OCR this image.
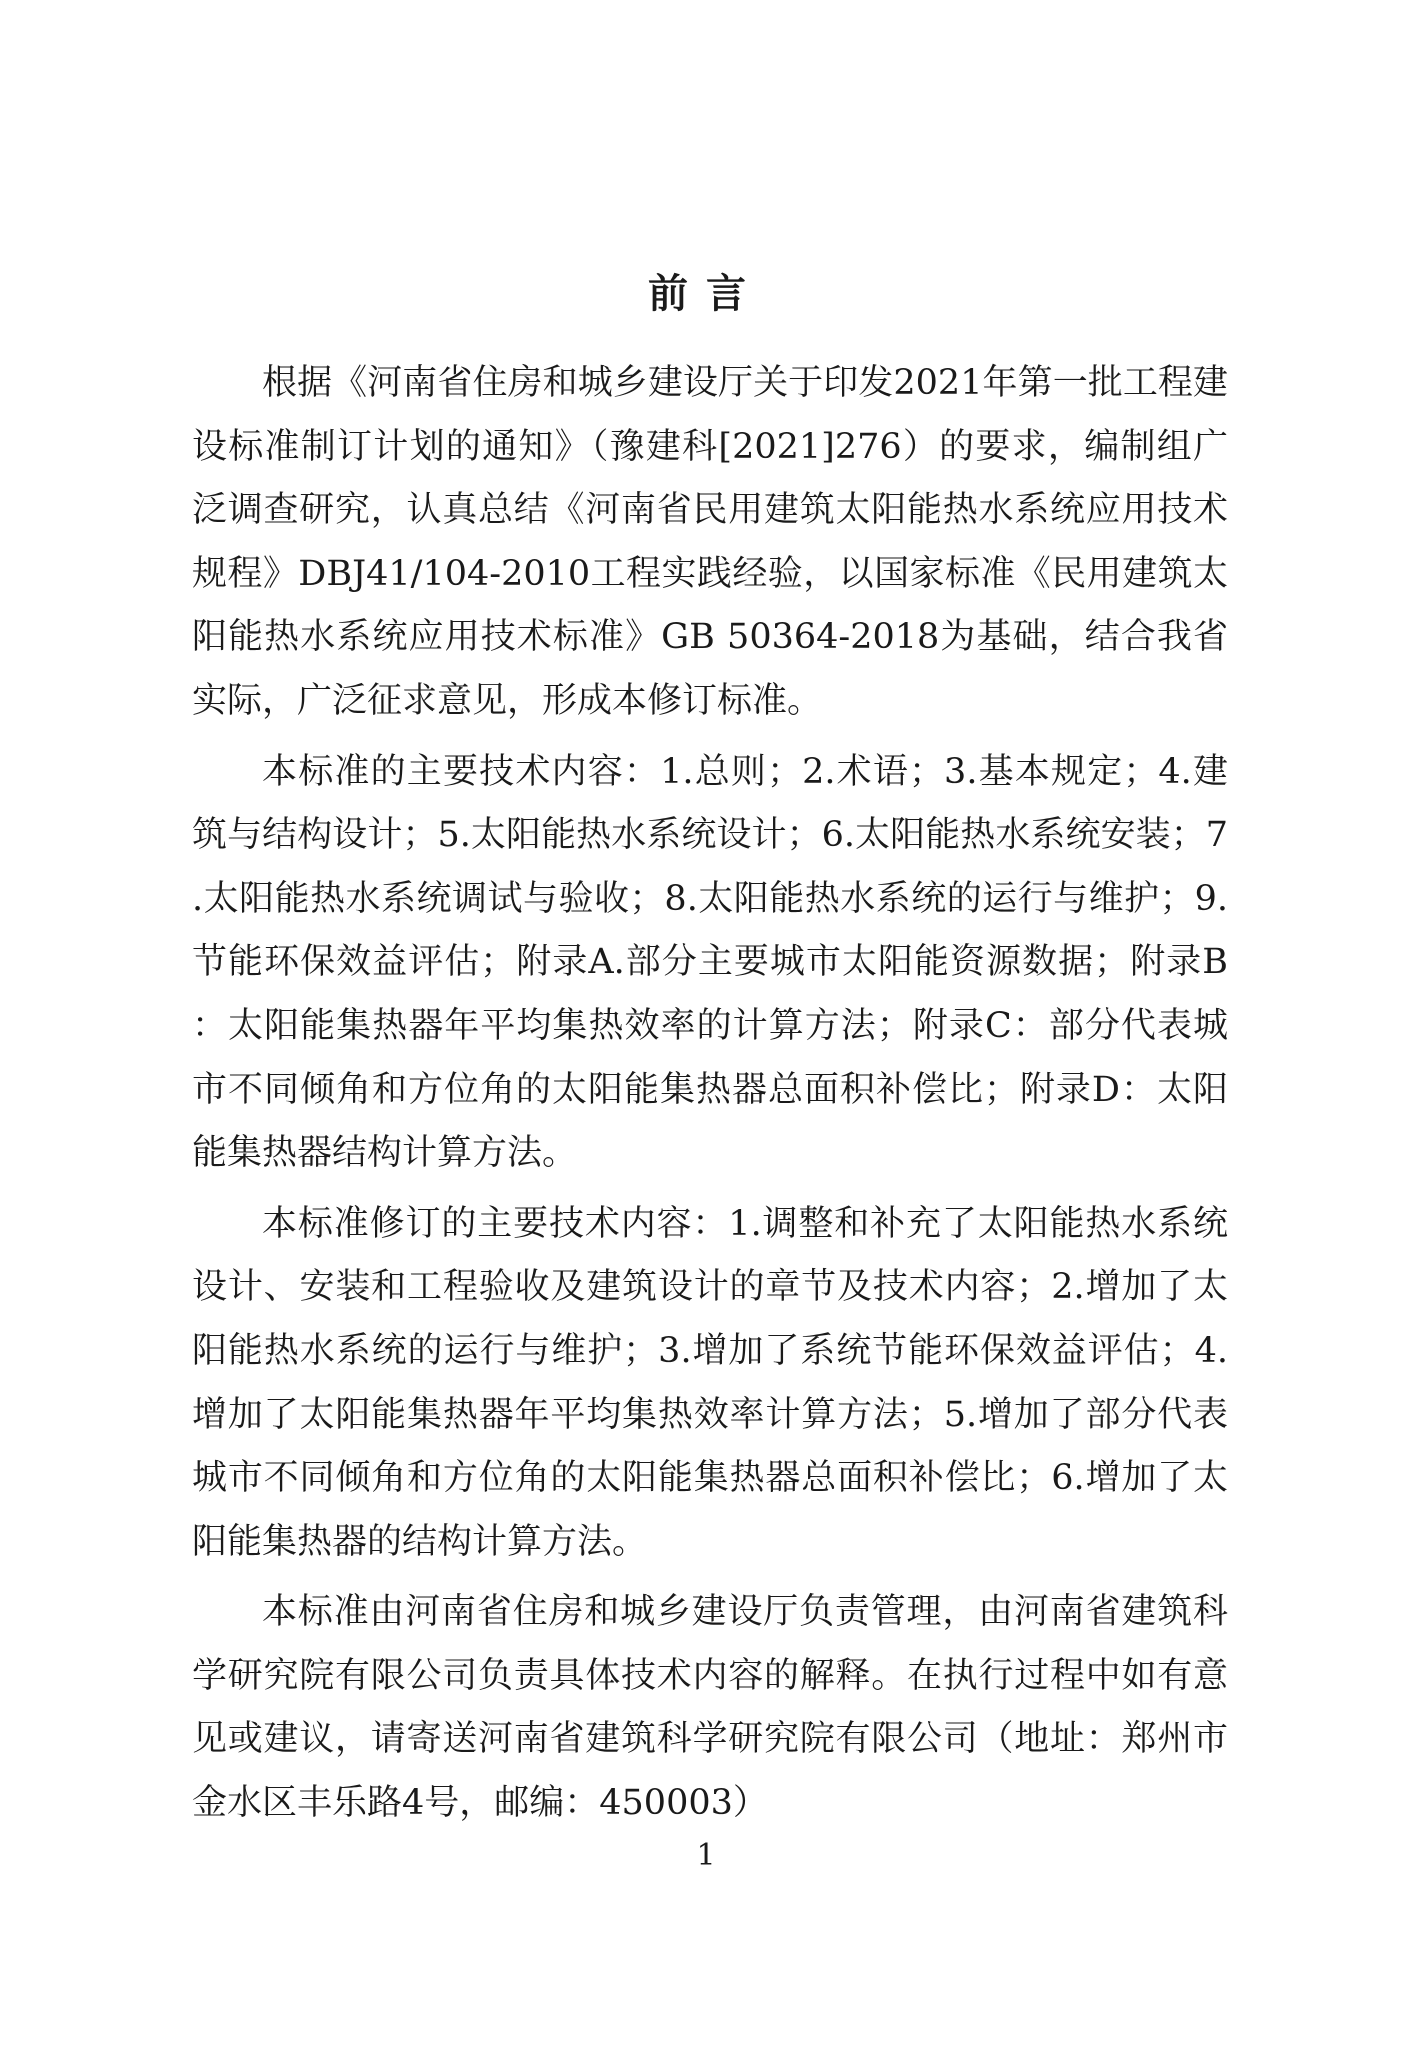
前言

根据《河南省住房和城乡建设厅关于印发2021年第一批工程建设标准制订计划的通知》（豫建科[2021]276）的要求，编制组广泛调查研究，认真总结《河南省民用建筑太阳能热水系统应用技术规程》DBJ41/104-2010工程实践经验，以国家标准《民用建筑太阳能热水系统应用技术标准》GB 50364-2018为基础，结合我省实际，广泛征求意见，形成本修订标准。

本标准的主要技术内容：1.总则；2.术语；3.基本规定；4.建筑与结构设计；5.太阳能热水系统设计；6.太阳能热水系统安装；7.太阳能热水系统调试与验收；8.太阳能热水系统的运行与维护；9.节能环保效益评估；附录A.部分主要城市太阳能资源数据；附录B：太阳能集热器年平均集热效率的计算方法；附录C：部分代表城市不同倾角和方位角的太阳能集热器总面积补偿比；附录D：太阳能集热器结构计算方法。

本标准修订的主要技术内容：1.调整和补充了太阳能热水系统设计、安装和工程验收及建筑设计的章节及技术内容；2.增加了太阳能热水系统的运行与维护；3.增加了系统节能环保效益评估；4.增加了太阳能集热器年平均集热效率计算方法；5.增加了部分代表城市不同倾角和方位角的太阳能集热器总面积补偿比；6.增加了太阳能集热器的结构计算方法。

本标准由河南省住房和城乡建设厅负责管理，由河南省建筑科学研究院有限公司负责具体技术内容的解释。在执行过程中如有意见或建议，请寄送河南省建筑科学研究院有限公司（地址：郑州市金水区丰乐路4号，邮编：450003）

1
